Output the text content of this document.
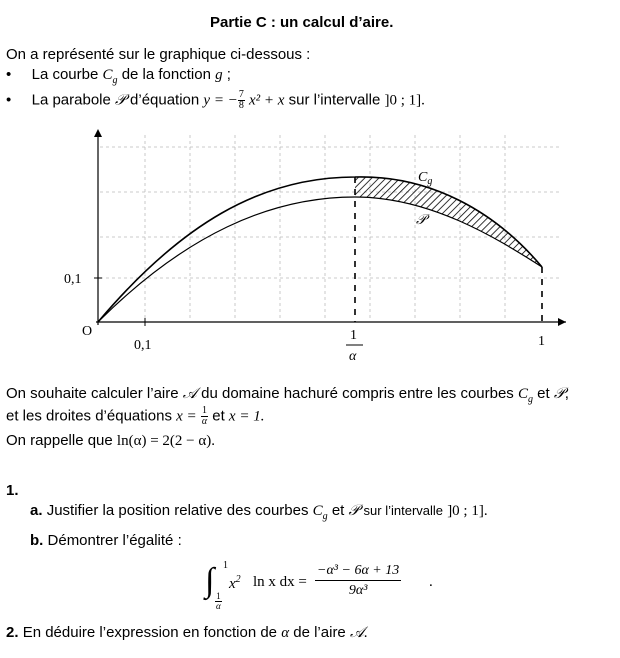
Partie C : un calcul d’aire.
On a représenté sur le graphique ci-dessous :
• La courbe $C_g$ de la fonction g ;
• La parabole 𝒫 d’équation y = − $\frac{7}{8} x^2 + x$ sur l’intervalle ]0 ; 1].
$C_g$
𝒫
0,1
O
0,1	1
1
α
On souhaite calculer l’aire 𝒜 du domaine hachuré compris entre les courbes $C_g$ et 𝒫,
et les droites d’équations $x = \frac{1}{\alpha}$ et x = 1.
On rappelle que ln(α) = 2(2 − α).
1.
a. Justifier la position relative des courbes $C_g$ et 𝒫 sur l’intervalle ]0 ; 1].
b. Démontrer l’égalité :
∫ 1
$\frac{1}{\alpha}$
$x^2$ ln x dx = $\frac{\text{−α³ − 6α + 13}}{\text{9α³}}$ .
2. En déduire l’expression en fonction de α de l’aire 𝒜.
